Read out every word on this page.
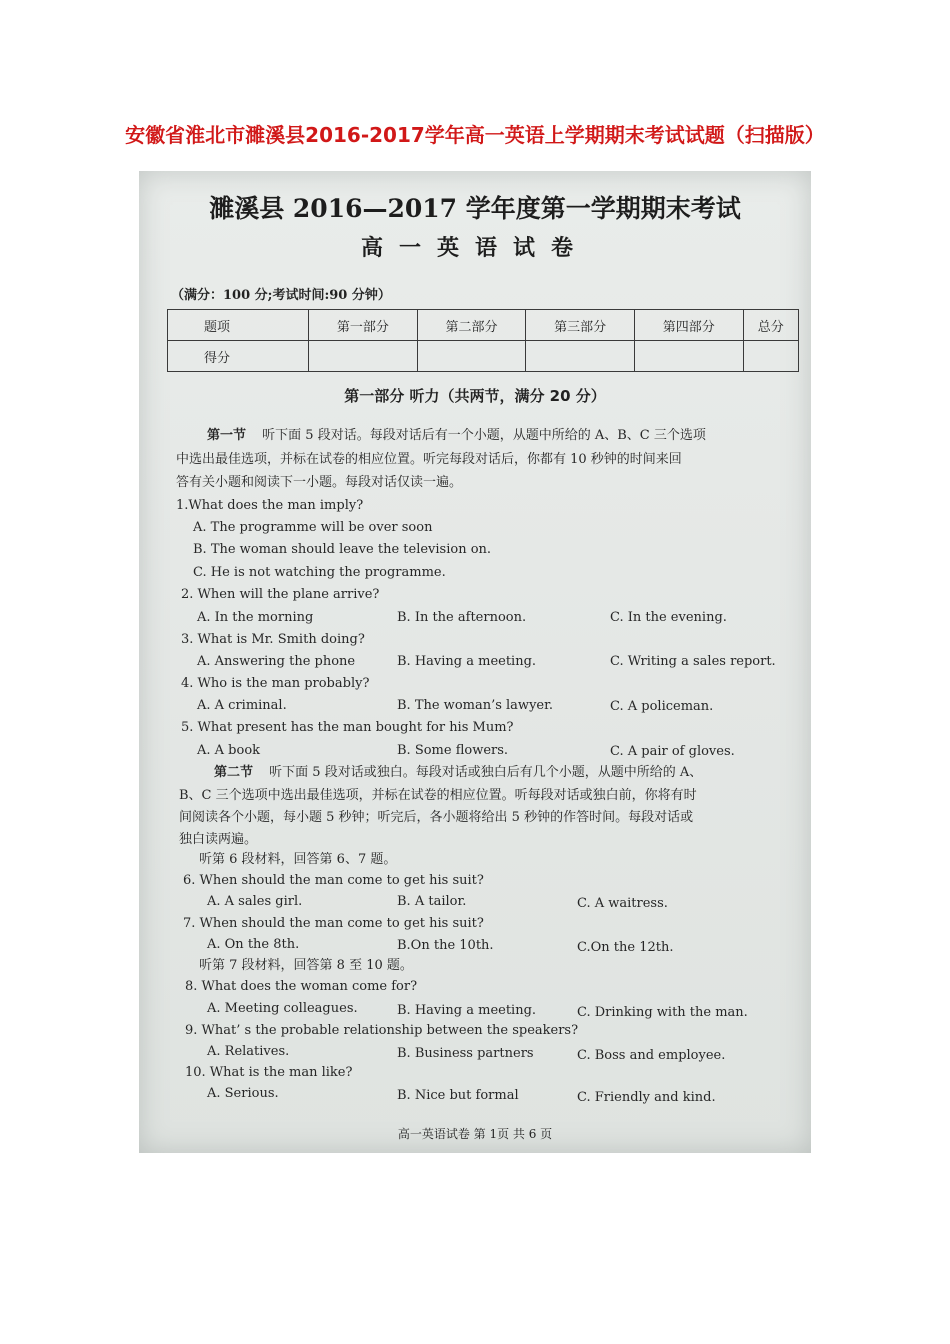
安徽省淮北市濉溪县2016-2017学年高一英语上学期期末考试试题（扫描版）
濉溪县 2016—2017 学年度第一学期期末考试
高一英语试卷
（满分：100 分;考试时间:90 分钟）
题项	第一部分	第二部分	第三部分	第四部分	总分
得分					
第一部分 听力（共两节，满分 20 分）
第一节 听下面 5 段对话。每段对话后有一个小题，从题中所给的 A、B、C 三个选项
中选出最佳选项，并标在试卷的相应位置。听完每段对话后，你都有 10 秒钟的时间来回
答有关小题和阅读下一小题。每段对话仅读一遍。
1.What does the man imply?
A. The programme will be over soon
B. The woman should leave the television on.
C. He is not watching the programme.
2. When will the plane arrive?
A. In the morning	B. In the afternoon.	C. In the evening.
3. What is Mr. Smith doing?
A. Answering the phone	B. Having a meeting.	C. Writing a sales report.
4. Who is the man probably?
A. A criminal.	B. The woman’s lawyer.	C. A policeman.
5. What present has the man bought for his Mum?
A. A book	B. Some flowers.	C. A pair of gloves.
第二节 听下面 5 段对话或独白。每段对话或独白后有几个小题，从题中所给的 A、
B、C 三个选项中选出最佳选项，并标在试卷的相应位置。听每段对话或独白前，你将有时
间阅读各个小题，每小题 5 秒钟；听完后，各小题将给出 5 秒钟的作答时间。每段对话或
独白读两遍。
听第 6 段材料，回答第 6、7 题。
6. When should the man come to get his suit?
A. A sales girl.	B. A tailor.	C. A waitress.
7. When should the man come to get his suit?
A. On the 8th.	B.On the 10th.	C.On the 12th.
听第 7 段材料，回答第 8 至 10 题。
8. What does the woman come for?
A. Meeting colleagues.	B. Having a meeting.	C. Drinking with the man.
9. What’ s the probable relationship between the speakers?
A. Relatives.	B. Business partners	C. Boss and employee.
10. What is the man like?
A. Serious.	B. Nice but formal	C. Friendly and kind.
高一英语试卷 第 1页 共 6 页
